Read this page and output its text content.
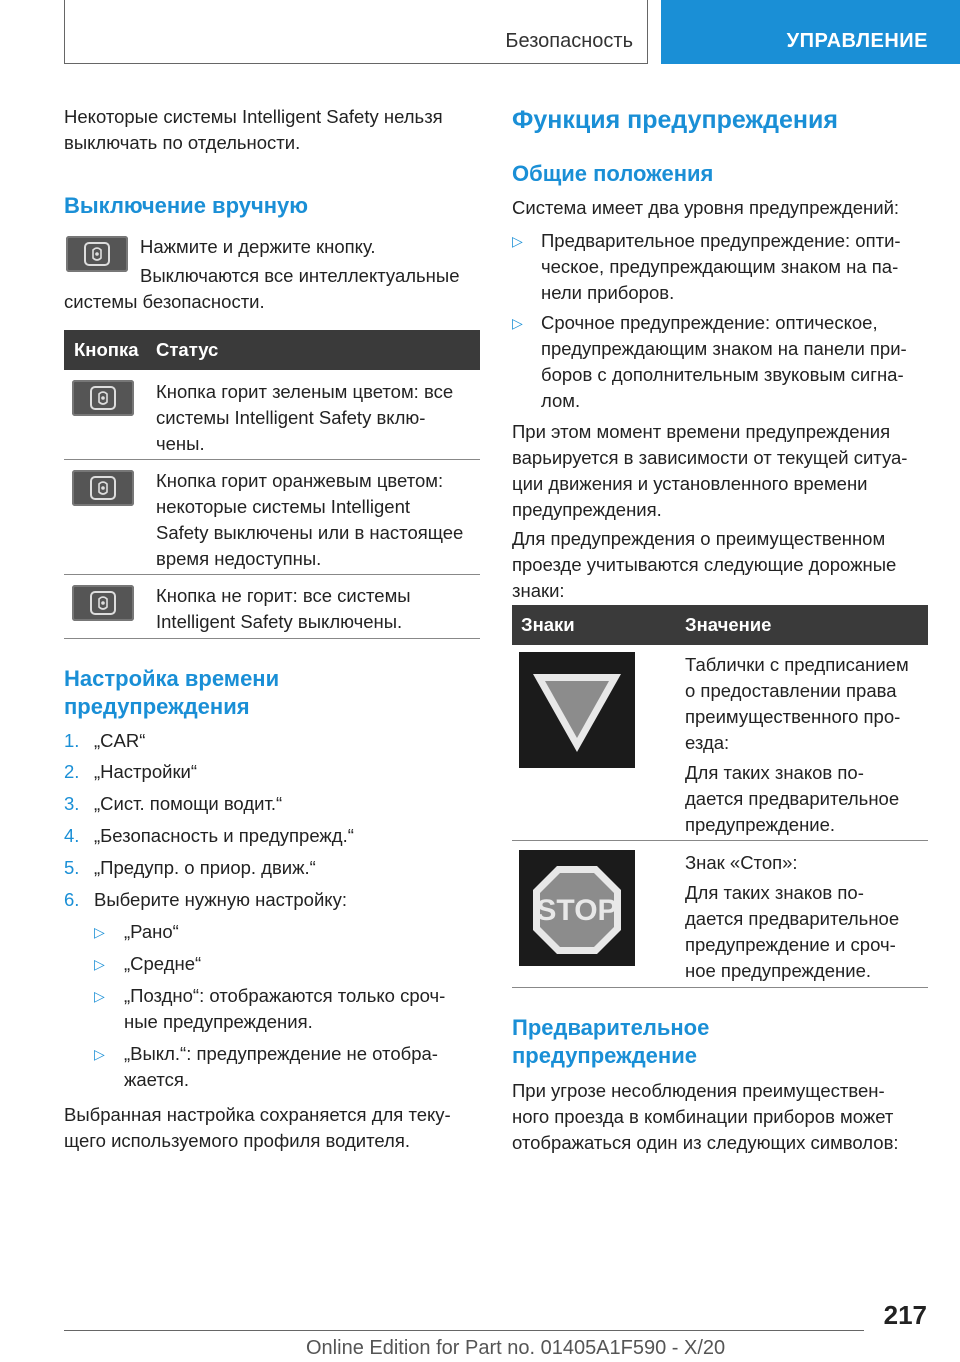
Безопасность	УПРАВЛЕНИЕ
Некоторые системы Intelligent Safety нельзя
выключать по отдельности.
Выключение вручную
Нажмите и держите кнопку.
Выключаются все интеллектуальные
системы безопасности.
Кнопка Статус
Кнопка горит зеленым цветом: все
системы Intelligent Safety вклю-
чены.
Кнопка горит оранжевым цветом:
некоторые системы Intelligent
Safety выключены или в настоящее
время недоступны.
Кнопка не горит: все системы
Intelligent Safety выключены.
Настройка времени
предупреждения
1. „CAR“
2. „Настройки“
3. „Сист. помощи водит.“
4. „Безопасность и предупрежд.“
5. „Предупр. о приор. движ.“
6. Выберите нужную настройку:
▷ „Рано“
▷ „Средне“
▷ „Поздно“: отображаются только сроч-
ные предупреждения.
▷ „Выкл.“: предупреждение не отобра-
жается.
Выбранная настройка сохраняется для теку-
щего используемого профиля водителя.
Функция предупреждения
Общие положения
Система имеет два уровня предупреждений:
▷ Предварительное предупреждение: опти-
ческое, предупреждающим знаком на па-
нели приборов.
▷ Срочное предупреждение: оптическое,
предупреждающим знаком на панели при-
боров с дополнительным звуковым сигна-
лом.
При этом момент времени предупреждения
варьируется в зависимости от текущей ситуа-
ции движения и установленного времени
предупреждения.
Для предупреждения о преимущественном
проезде учитываются следующие дорожные
знаки:
Знаки	Значение
Таблички с предписанием
о предоставлении права
преимущественного про-
езда:
Для таких знаков по-
дается предварительное
предупреждение.
STOP
Знак «Стоп»:
Для таких знаков по-
дается предварительное
предупреждение и сроч-
ное предупреждение.
Предварительное
предупреждение
При угрозе несоблюдения преимуществен-
ного проезда в комбинации приборов может
отображаться один из следующих символов:
217
Online Edition for Part no. 01405A1F590 - X/20
